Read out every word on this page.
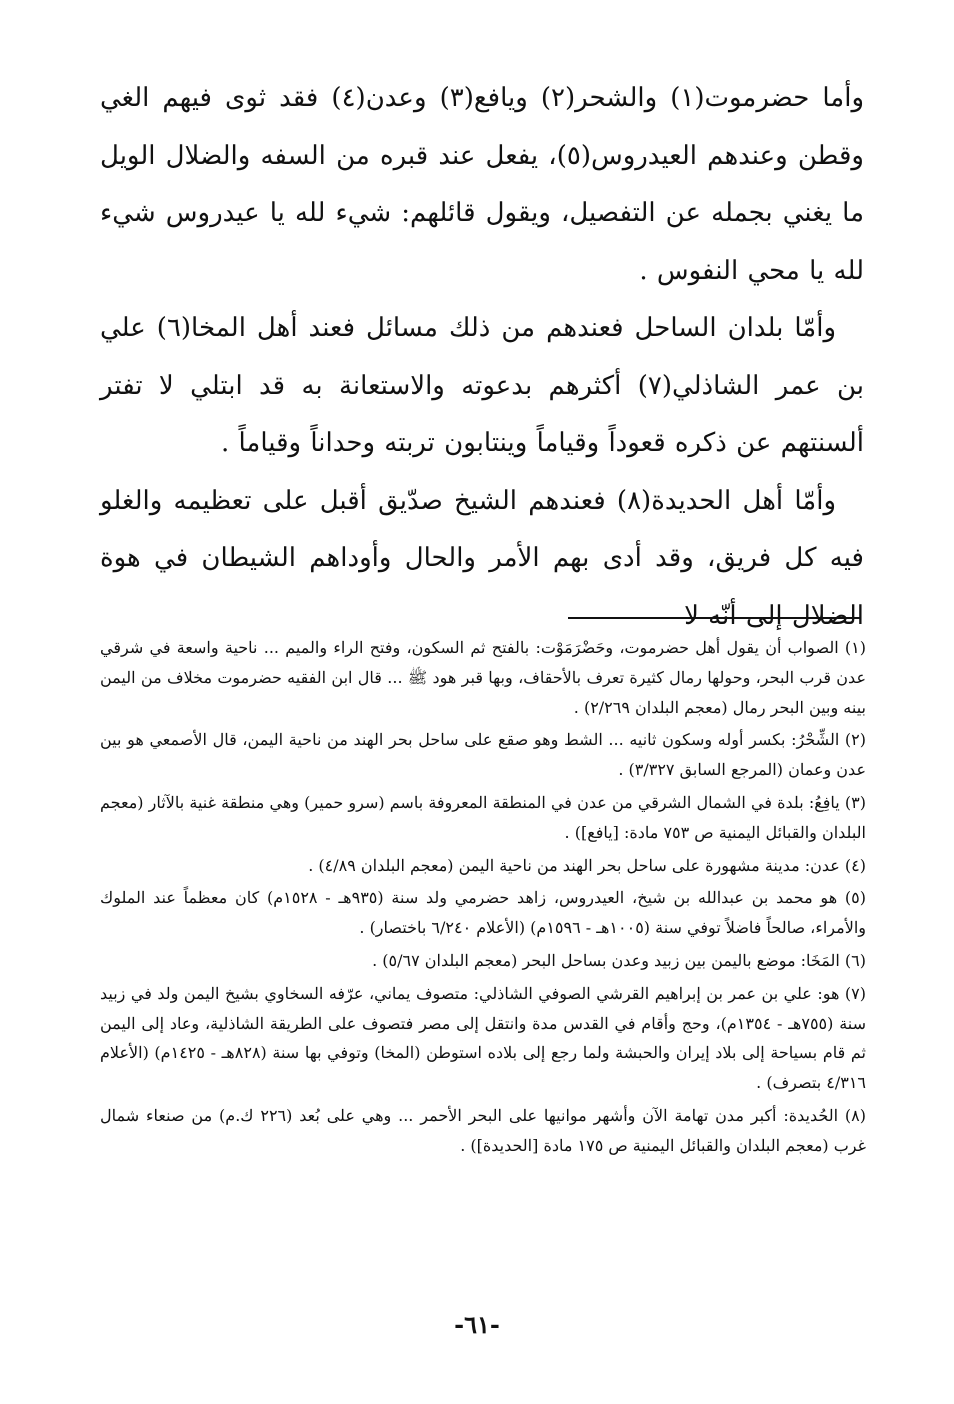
وأما حضرموت(١) والشحر(٢) ويافع(٣) وعدن(٤) فقد ثوى فيهم الغي وقطن وعندهم العيدروس(٥)، يفعل عند قبره من السفه والضلال الويل ما يغني بجمله عن التفصيل، ويقول قائلهم: شيء لله يا عيدروس شيء لله يا محي النفوس .

وأمّا بلدان الساحل فعندهم من ذلك مسائل فعند أهل المخا(٦) علي بن عمر الشاذلي(٧) أكثرهم بدعوته والاستعانة به قد ابتلي لا تفتر ألسنتهم عن ذكره قعوداً وقياماً وينتابون تربته وحداناً وقياماً .

وأمّا أهل الحديدة(٨) فعندهم الشيخ صدّيق أقبل على تعظيمه والغلو فيه كل فريق، وقد أدى بهم الأمر والحال وأوداهم الشيطان في هوة الضلال إلى أنّه لا

(١) الصواب أن يقول أهل حضرموت، وحَضْرَمَوْت: بالفتح ثم السكون، وفتح الراء والميم ... ناحية واسعة في شرقي عدن قرب البحر، وحولها رمال كثيرة تعرف بالأحقاف، وبها قبر هود ﷺ ... قال ابن الفقيه حضرموت مخلاف من اليمن بينه وبين البحر رمال (معجم البلدان ٢/٢٦٩) .

(٢) الشِّحْرُ: بكسر أوله وسكون ثانيه ... الشط وهو صقع على ساحل بحر الهند من ناحية اليمن، قال الأصمعي هو بين عدن وعمان (المرجع السابق ٣/٣٢٧) .

(٣) يافِعُ: بلدة في الشمال الشرقي من عدن في المنطقة المعروفة باسم (سرو حمير) وهي منطقة غنية بالآثار (معجم البلدان والقبائل اليمنية ص ٧٥٣ مادة: [يافع]) .

(٤) عدن: مدينة مشهورة على ساحل بحر الهند من ناحية اليمن (معجم البلدان ٤/٨٩) .

(٥) هو محمد بن عبدالله بن شيخ، العيدروس، زاهد حضرمي ولد سنة (٩٣٥هـ - ١٥٢٨م) كان معظماً عند الملوك والأمراء، صالحاً فاضلاً توفي سنة (١٠٠٥هـ - ١٥٩٦م) (الأعلام ٦/٢٤٠ باختصار) .

(٦) المَخَا: موضع باليمن بين زبيد وعدن بساحل البحر (معجم البلدان ٥/٦٧) .

(٧) هو: علي بن عمر بن إبراهيم القرشي الصوفي الشاذلي: متصوف يماني، عرّفه السخاوي بشيخ اليمن ولد في زبيد سنة (٧٥٥هـ - ١٣٥٤م)، وحج وأقام في القدس مدة وانتقل إلى مصر فتصوف على الطريقة الشاذلية، وعاد إلى اليمن ثم قام بسياحة إلى بلاد إيران والحبشة ولما رجع إلى بلاده استوطن (المخا) وتوفي بها سنة (٨٢٨هـ - ١٤٢٥م) (الأعلام ٤/٣١٦ بتصرف) .

(٨) الحُديدة: أكبر مدن تهامة الآن وأشهر موانيها على البحر الأحمر ... وهي على بُعد (٢٢٦ ك.م) من صنعاء شمال غرب (معجم البلدان والقبائل اليمنية ص ١٧٥ مادة [الحديدة]) .

-٦١-
